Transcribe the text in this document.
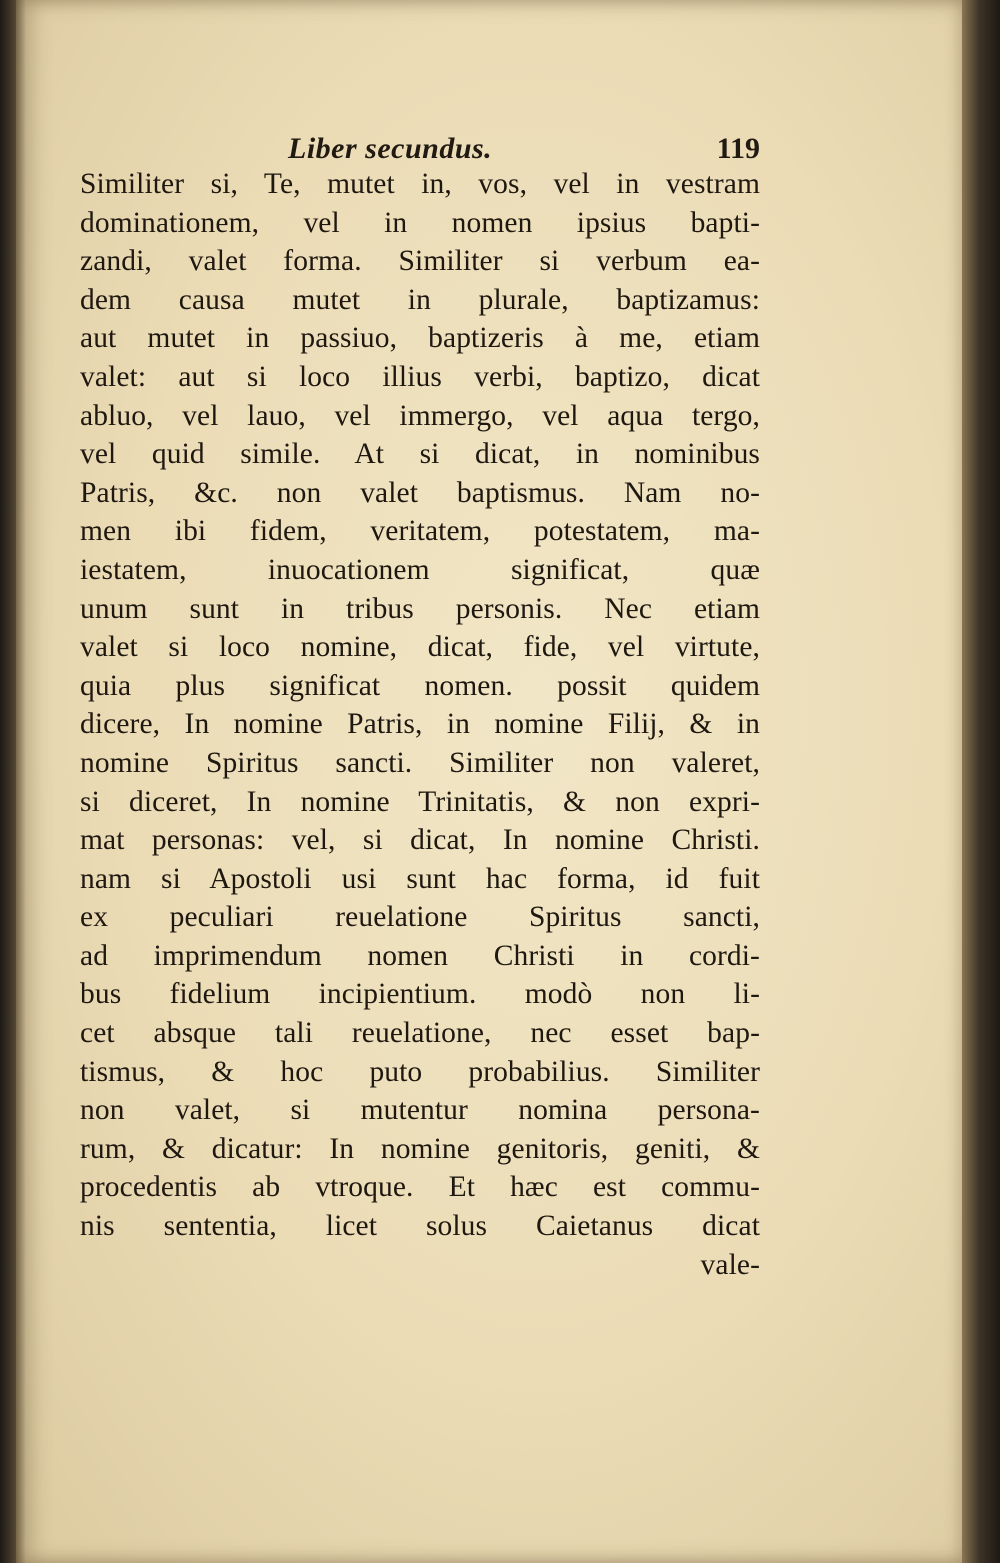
Liber secundus.	119
Similiter si, Te, mutet in, vos, vel in vestram
dominationem, vel in nomen ipsius bapti-
zandi, valet forma. Similiter si verbum ea-
dem causa mutet in plurale, baptizamus:
aut mutet in passiuo, baptizeris à me, etiam
valet: aut si loco illius verbi, baptizo, dicat
abluo, vel lauo, vel immergo, vel aqua tergo,
vel quid simile. At si dicat, in nominibus
Patris, &c. non valet baptismus. Nam no-
men ibi fidem, veritatem, potestatem, ma-
iestatem, inuocationem significat, quæ
unum sunt in tribus personis. Nec etiam
valet si loco nomine, dicat, fide, vel virtute,
quia plus significat nomen. possit quidem
dicere, In nomine Patris, in nomine Filij, & in
nomine Spiritus sancti. Similiter non valeret,
si diceret, In nomine Trinitatis, & non expri-
mat personas: vel, si dicat, In nomine Christi.
nam si Apostoli usi sunt hac forma, id fuit
ex peculiari reuelatione Spiritus sancti,
ad imprimendum nomen Christi in cordi-
bus fidelium incipientium. modò non li-
cet absque tali reuelatione, nec esset bap-
tismus, & hoc puto probabilius. Similiter
non valet, si mutentur nomina persona-
rum, & dicatur: In nomine genitoris, geniti, &
procedentis ab vtroque. Et hæc est commu-
nis sententia, licet solus Caietanus dicat
vale-
